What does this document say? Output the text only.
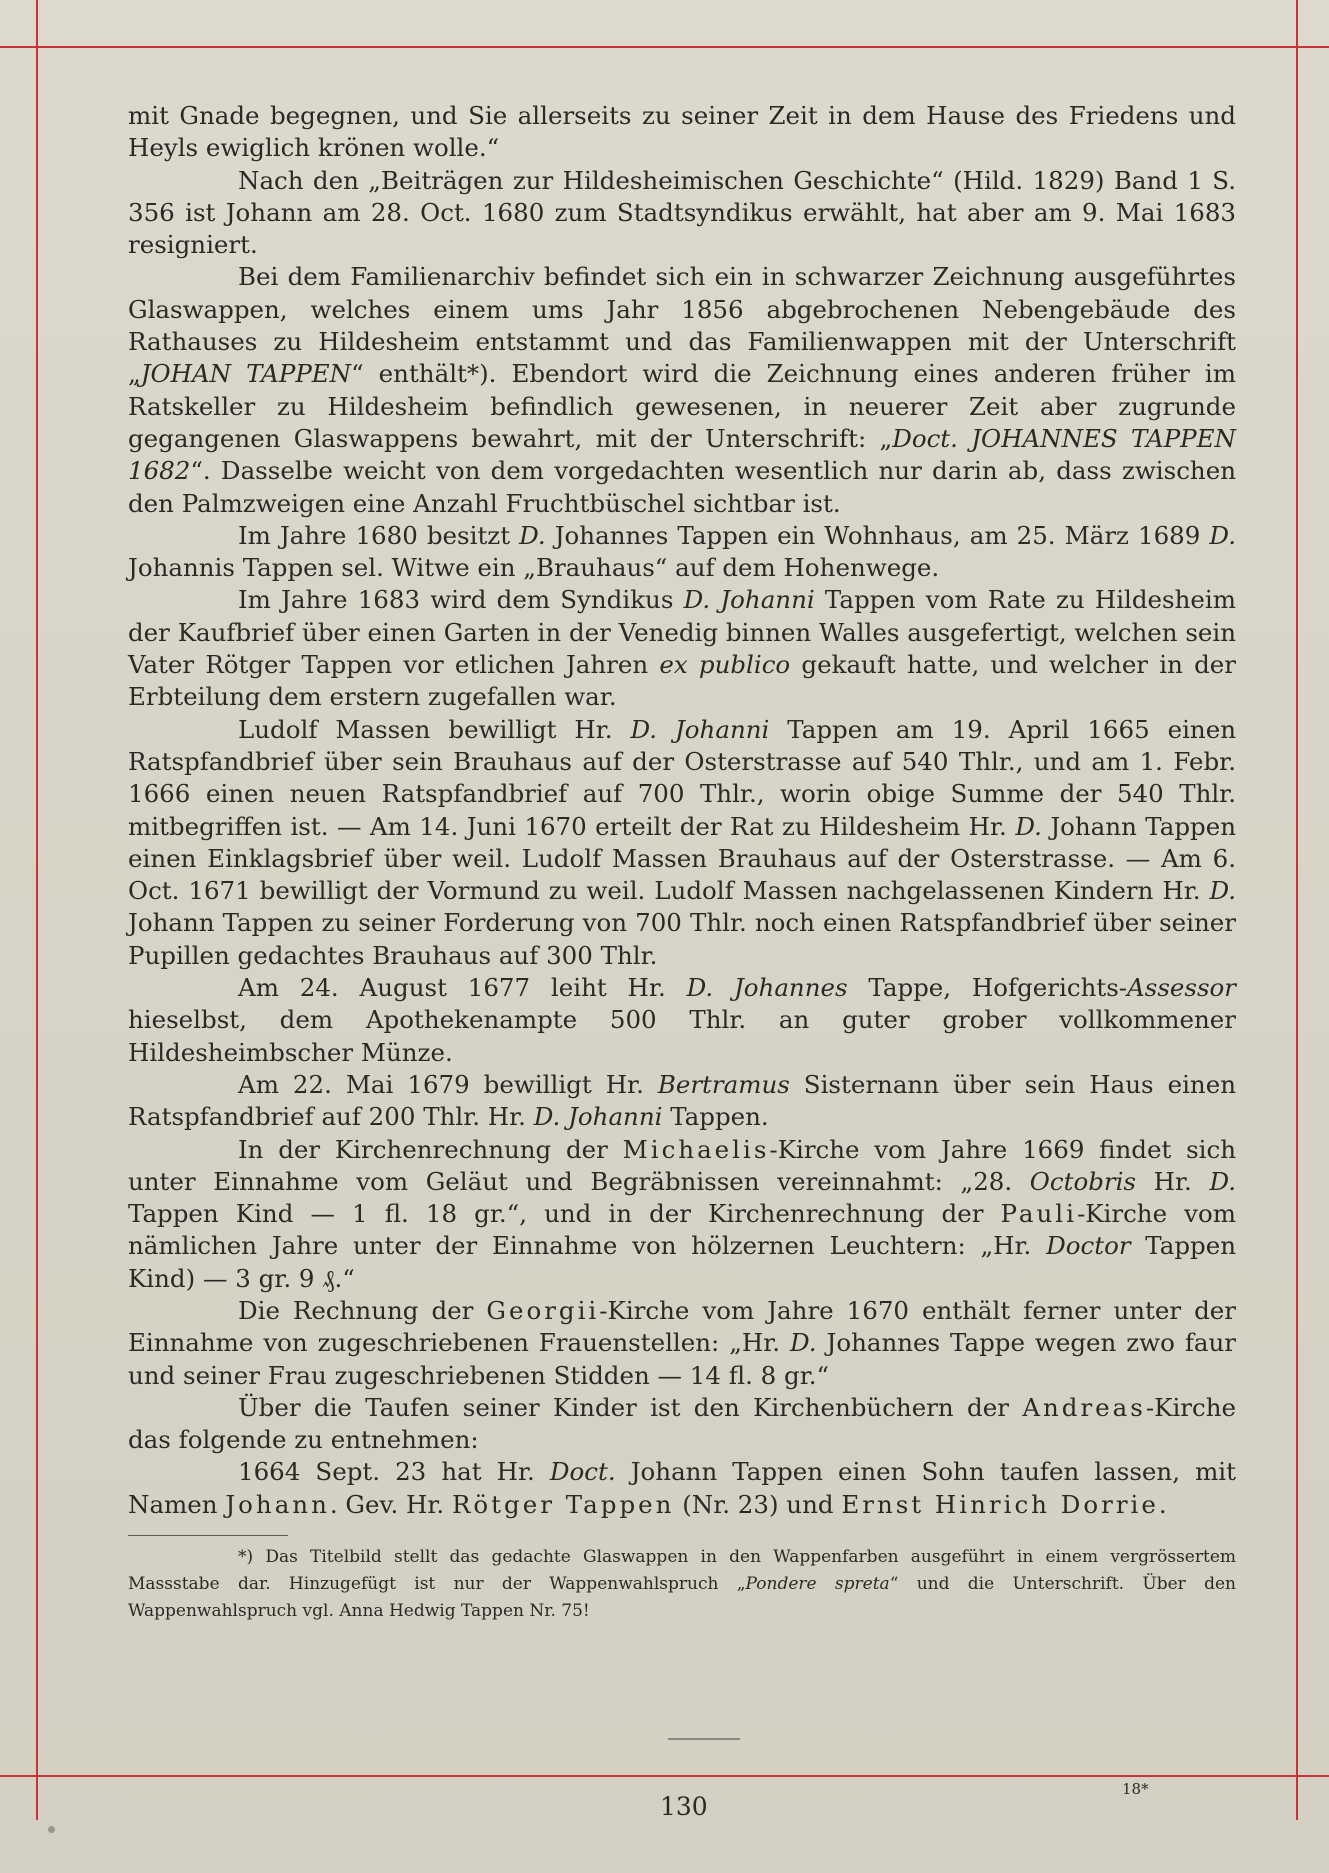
mit Gnade begegnen, und Sie allerseits zu seiner Zeit in dem Hause des Friedens und Heyls ewiglich krönen wolle.“

Nach den „Beiträgen zur Hildesheimischen Geschichte“ (Hild. 1829) Band 1 S. 356 ist Johann am 28. Oct. 1680 zum Stadtsyndikus erwählt, hat aber am 9. Mai 1683 resigniert.

Bei dem Familienarchiv befindet sich ein in schwarzer Zeichnung ausgeführtes Glaswappen, welches einem ums Jahr 1856 abgebrochenen Nebengebäude des Rathauses zu Hildesheim entstammt und das Familienwappen mit der Unterschrift „JOHAN TAPPEN“ enthält*). Ebendort wird die Zeichnung eines anderen früher im Ratskeller zu Hildesheim befindlich gewesenen, in neuerer Zeit aber zugrunde gegangenen Glaswappens bewahrt, mit der Unterschrift: „Doct. JOHANNES TAPPEN 1682“. Dasselbe weicht von dem vorgedachten wesentlich nur darin ab, dass zwischen den Palmzweigen eine Anzahl Fruchtbüschel sichtbar ist.

Im Jahre 1680 besitzt D. Johannes Tappen ein Wohnhaus, am 25. März 1689 D. Johannis Tappen sel. Witwe ein „Brauhaus“ auf dem Hohenwege.

Im Jahre 1683 wird dem Syndikus D. Johanni Tappen vom Rate zu Hildesheim der Kaufbrief über einen Garten in der Venedig binnen Walles ausgefertigt, welchen sein Vater Rötger Tappen vor etlichen Jahren ex publico gekauft hatte, und welcher in der Erbteilung dem erstern zugefallen war.

Ludolf Massen bewilligt Hr. D. Johanni Tappen am 19. April 1665 einen Ratspfandbrief über sein Brauhaus auf der Osterstrasse auf 540 Thlr., und am 1. Febr. 1666 einen neuen Ratspfandbrief auf 700 Thlr., worin obige Summe der 540 Thlr. mitbegriffen ist. — Am 14. Juni 1670 erteilt der Rat zu Hildesheim Hr. D. Johann Tappen einen Einklagsbrief über weil. Ludolf Massen Brauhaus auf der Osterstrasse. — Am 6. Oct. 1671 bewilligt der Vormund zu weil. Ludolf Massen nachgelassenen Kindern Hr. D. Johann Tappen zu seiner Forderung von 700 Thlr. noch einen Ratspfandbrief über seiner Pupillen gedachtes Brauhaus auf 300 Thlr.

Am 24. August 1677 leiht Hr. D. Johannes Tappe, Hofgerichts-Assessor hieselbst, dem Apothekenampte 500 Thlr. an guter grober vollkommener Hildesheimbscher Münze.

Am 22. Mai 1679 bewilligt Hr. Bertramus Sisternann über sein Haus einen Ratspfandbrief auf 200 Thlr. Hr. D. Johanni Tappen.

In der Kirchenrechnung der Michaelis-Kirche vom Jahre 1669 findet sich unter Einnahme vom Geläut und Begräbnissen vereinnahmt: „28. Octobris Hr. D. Tappen Kind — 1 fl. 18 gr.“, und in der Kirchenrechnung der Pauli-Kirche vom nämlichen Jahre unter der Einnahme von hölzernen Leuchtern: „Hr. Doctor Tappen Kind) — 3 gr. 9 ₰.“

Die Rechnung der Georgii-Kirche vom Jahre 1670 enthält ferner unter der Einnahme von zugeschriebenen Frauenstellen: „Hr. D. Johannes Tappe wegen zwo faur und seiner Frau zugeschriebenen Stidden — 14 fl. 8 gr.“

Über die Taufen seiner Kinder ist den Kirchenbüchern der Andreas-Kirche das folgende zu entnehmen:

1664 Sept. 23 hat Hr. Doct. Johann Tappen einen Sohn taufen lassen, mit Namen Johann. Gev. Hr. Rötger Tappen (Nr. 23) und Ernst Hinrich Dorrie.

*) Das Titelbild stellt das gedachte Glaswappen in den Wappenfarben ausgeführt in einem vergrössertem Massstabe dar. Hinzugefügt ist nur der Wappenwahlspruch „Pondere spreta“ und die Unterschrift. Über den Wappenwahlspruch vgl. Anna Hedwig Tappen Nr. 75!

130
18*
